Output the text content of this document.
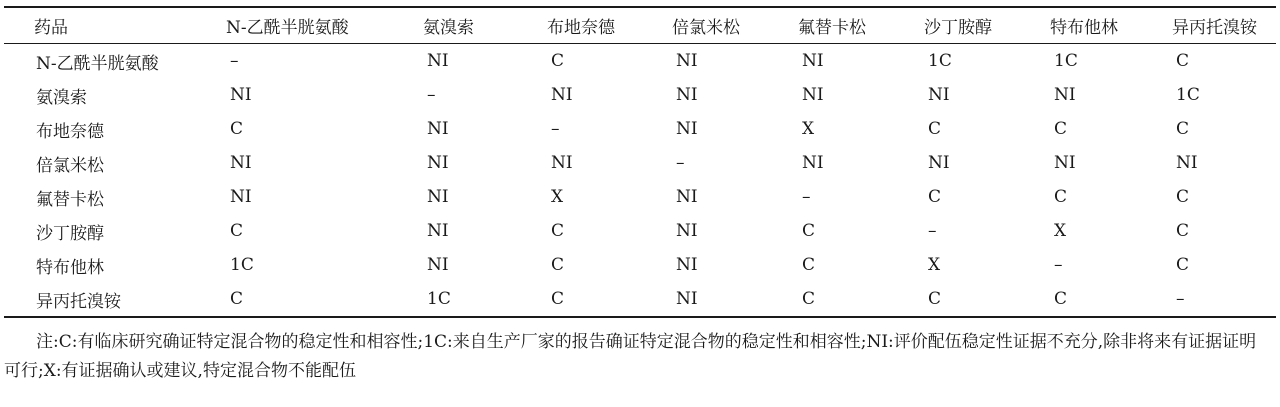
药品	N-乙酰半胱氨酸	氨溴索	布地奈德	倍氯米松	氟替卡松	沙丁胺醇	特布他林	异丙托溴铵
N-乙酰半胱氨酸	–	NI	C	NI	NI	1C	1C	C
氨溴索	NI	–	NI	NI	NI	NI	NI	1C
布地奈德	C	NI	–	NI	X	C	C	C
倍氯米松	NI	NI	NI	–	NI	NI	NI	NI
氟替卡松	NI	NI	X	NI	–	C	C	C
沙丁胺醇	C	NI	C	NI	C	–	X	C
特布他林	1C	NI	C	NI	C	X	–	C
异丙托溴铵	C	1C	C	NI	C	C	C	–

注:C:有临床研究确证特定混合物的稳定性和相容性;1C:来自生产厂家的报告确证特定混合物的稳定性和相容性;NI:评价配伍稳定性证据不充分,除非将来有证据证明可行;X:有证据确认或建议,特定混合物不能配伍
